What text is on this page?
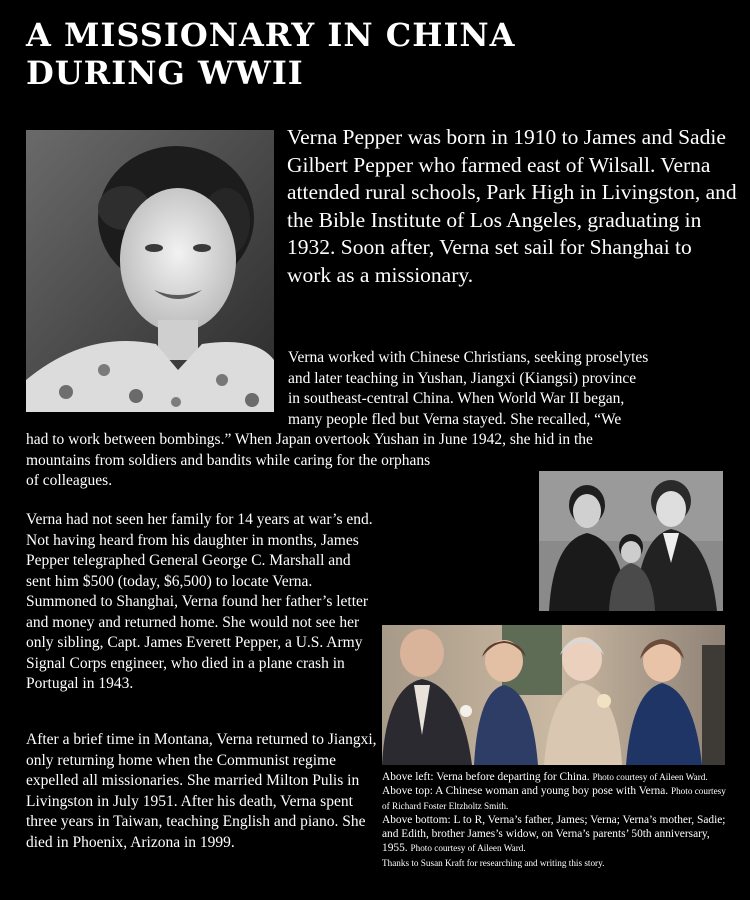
A MISSIONARY IN CHINA
DURING WWII

Verna Pepper was born in 1910 to James and Sadie Gilbert Pepper who farmed east of Wilsall. Verna attended rural schools, Park High in Livingston, and the Bible Institute of Los Angeles, graduating in 1932. Soon after, Verna set sail for Shanghai to work as a missionary.

Verna worked with Chinese Christians, seeking proselytes
and later teaching in Yushan, Jiangxi (Kiangsi) province
in southeast-central China. When World War II began,
many people fled but Verna stayed. She recalled, “We
had to work between bombings.” When Japan overtook Yushan in June 1942, she hid in the
mountains from soldiers and bandits while caring for the orphans
of colleagues.

Verna had not seen her family for 14 years at war’s end. Not having heard from his daughter in months, James Pepper telegraphed General George C. Marshall and sent him $500 (today, $6,500) to locate Verna. Summoned to Shanghai, Verna found her father’s letter and money and returned home. She would not see her only sibling, Capt. James Everett Pepper, a U.S. Army Signal Corps engineer, who died in a plane crash in Portugal in 1943.

After a brief time in Montana, Verna returned to Jiangxi, only returning home when the Communist regime expelled all missionaries. She married Milton Pulis in Livingston in July 1951. After his death, Verna spent three years in Taiwan, teaching English and piano. She died in Phoenix, Arizona in 1999.

Above left: Verna before departing for China. Photo courtesy of Aileen Ward. Above top: A Chinese woman and young boy pose with Verna. Photo courtesy of Richard Foster Eltzholtz Smith.
Above bottom: L to R, Verna’s father, James; Verna; Verna’s mother, Sadie; and Edith, brother James’s widow, on Verna’s parents’ 50th anniversary, 1955. Photo courtesy of Aileen Ward.
Thanks to Susan Kraft for researching and writing this story.
